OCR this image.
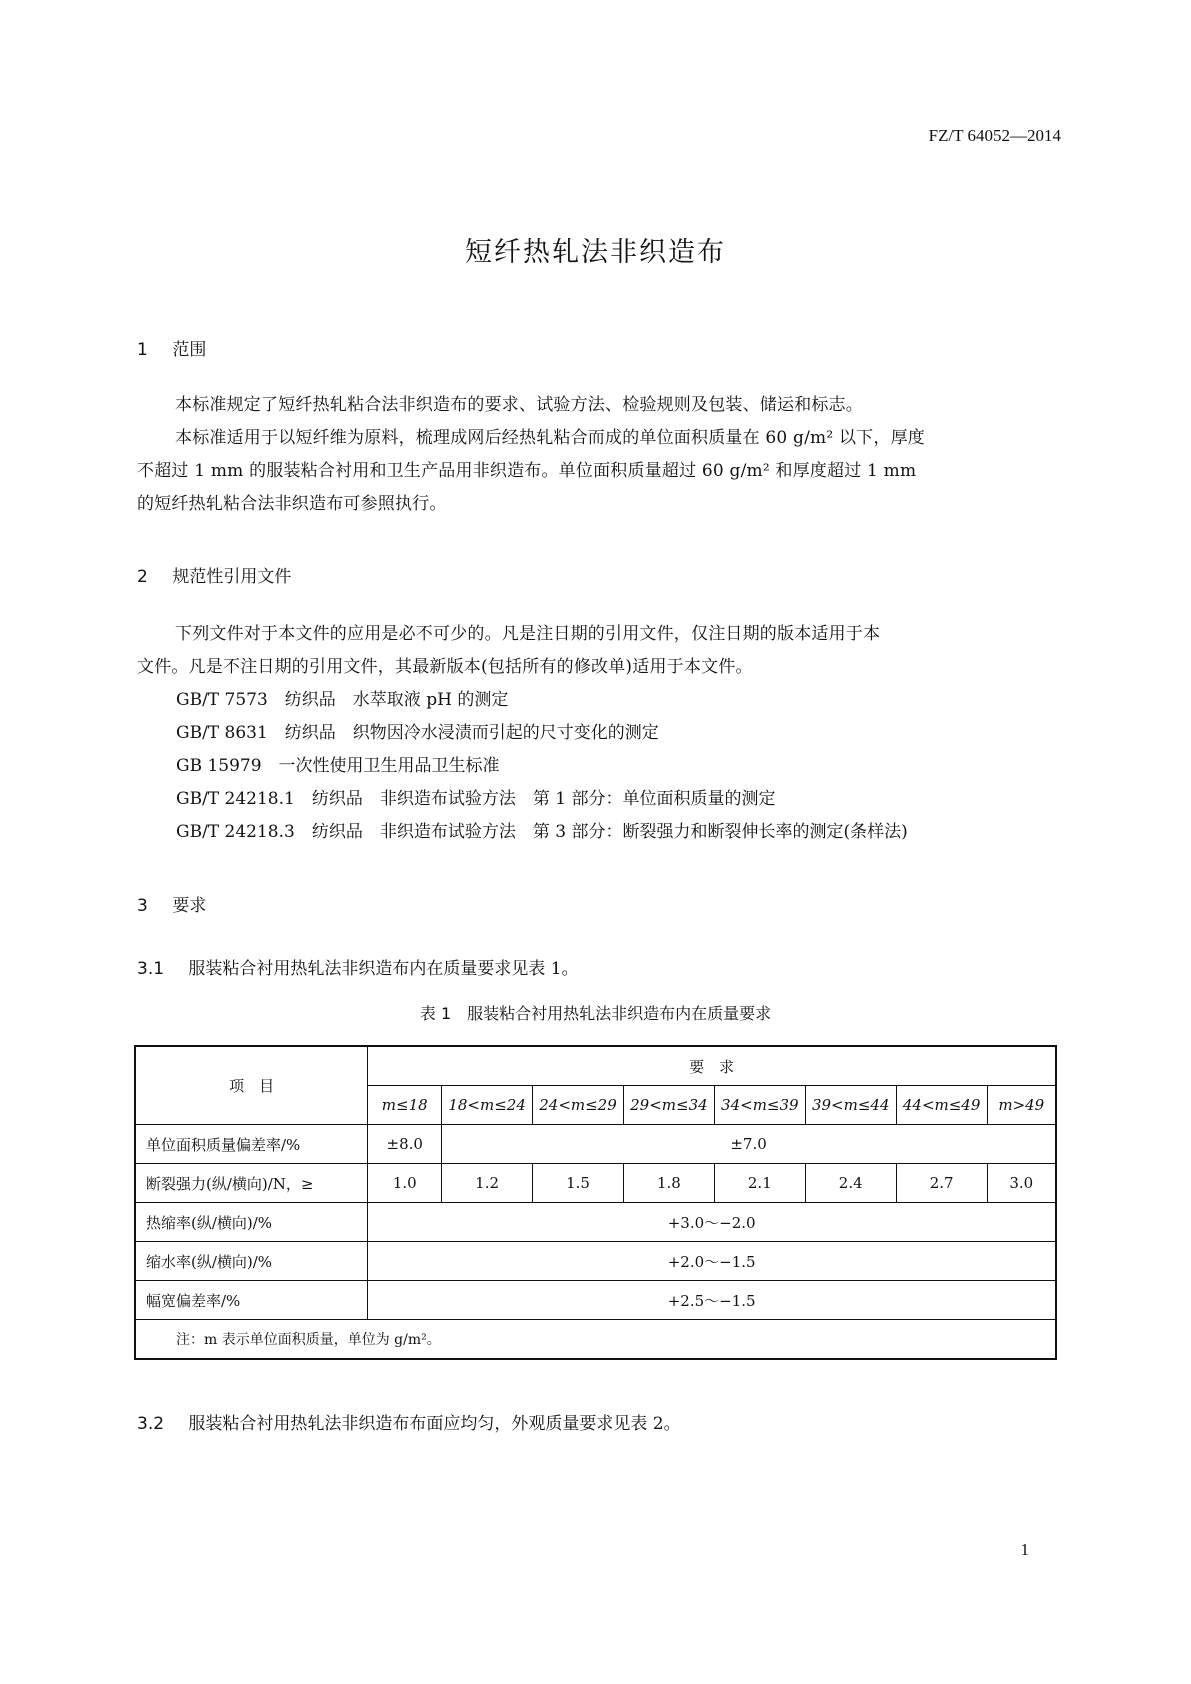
FZ/T 64052—2014
短纤热轧法非织造布
1 范围
本标准规定了短纤热轧粘合法非织造布的要求、试验方法、检验规则及包装、储运和标志。
本标准适用于以短纤维为原料，梳理成网后经热轧粘合而成的单位面积质量在 60 g/m² 以下，厚度
不超过 1 mm 的服装粘合衬用和卫生产品用非织造布。单位面积质量超过 60 g/m² 和厚度超过 1 mm
的短纤热轧粘合法非织造布可参照执行。
2 规范性引用文件
下列文件对于本文件的应用是必不可少的。凡是注日期的引用文件，仅注日期的版本适用于本
文件。凡是不注日期的引用文件，其最新版本(包括所有的修改单)适用于本文件。
GB/T 7573　纺织品　水萃取液 pH 的测定
GB/T 8631　纺织品　织物因冷水浸渍而引起的尺寸变化的测定
GB 15979　一次性使用卫生用品卫生标准
GB/T 24218.1　纺织品　非织造布试验方法　第 1 部分：单位面积质量的测定
GB/T 24218.3　纺织品　非织造布试验方法　第 3 部分：断裂强力和断裂伸长率的测定(条样法)
3 要求
3.1 服装粘合衬用热轧法非织造布内在质量要求见表 1。
表 1　服装粘合衬用热轧法非织造布内在质量要求
项　目	要　求							
	m≤18	18<m≤24	24<m≤29	29<m≤34	34<m≤39	39<m≤44	44<m≤49	m>49
单位面积质量偏差率/%	±8.0	±7.0						
断裂强力(纵/横向)/N，≥	1.0	1.2	1.5	1.8	2.1	2.4	2.7	3.0
热缩率(纵/横向)/%	+3.0～−2.0							
缩水率(纵/横向)/%	+2.0～−1.5							
幅宽偏差率/%	+2.5～−1.5							
注：m 表示单位面积质量，单位为 g/m²。								
3.2 服装粘合衬用热轧法非织造布布面应均匀，外观质量要求见表 2。
1
